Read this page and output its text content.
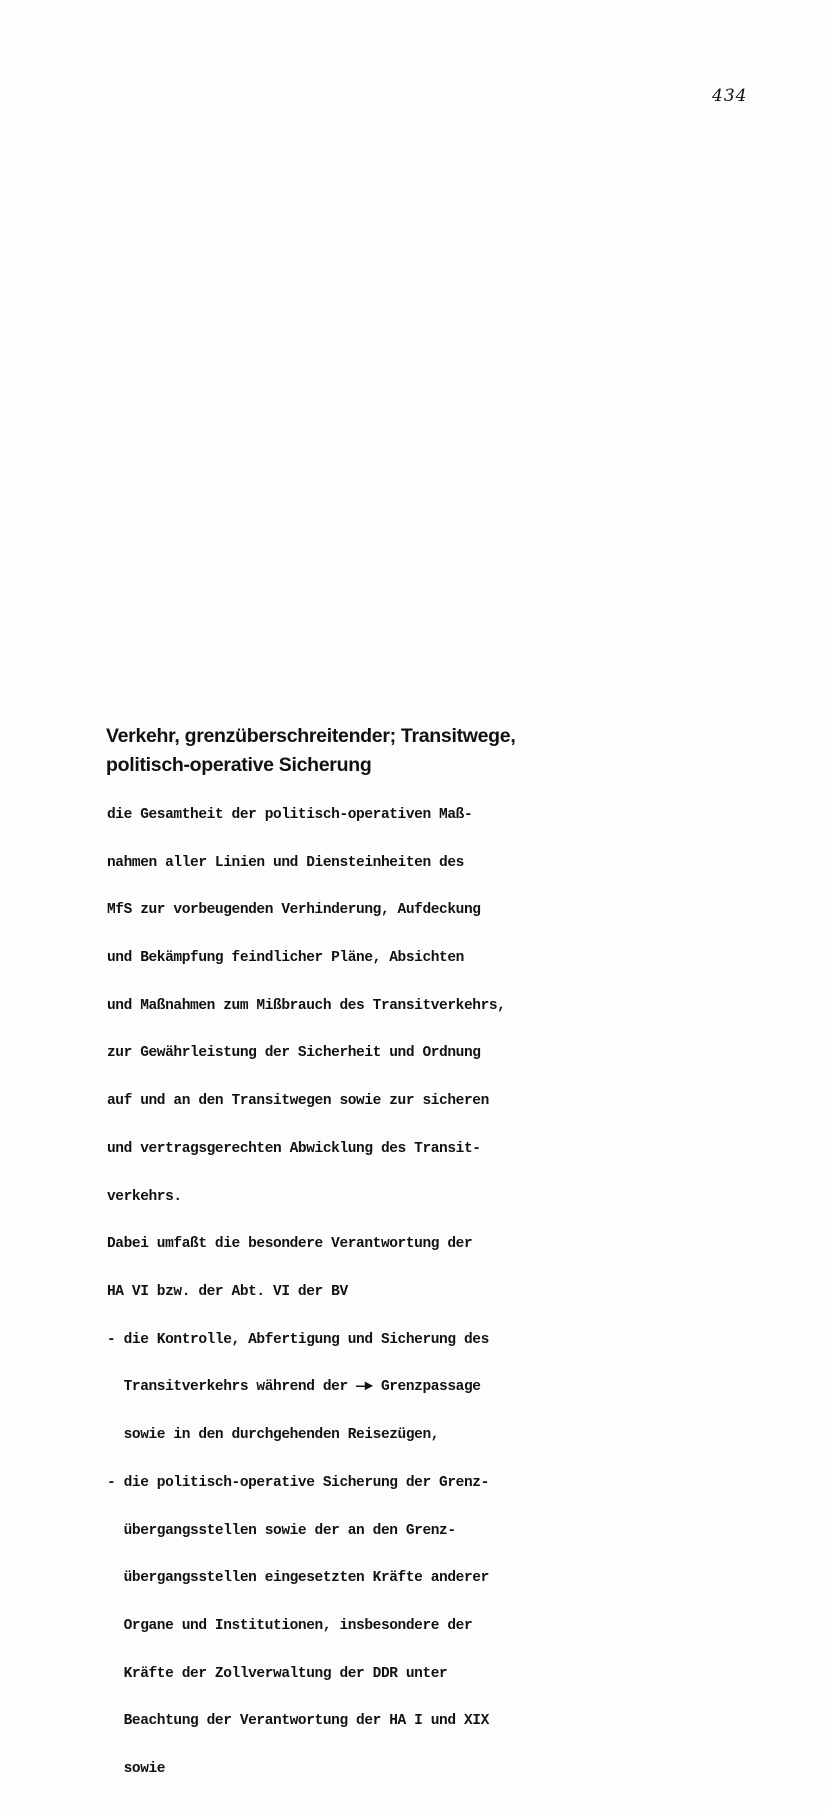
434
Verkehr, grenzüberschreitender; Transitwege,
politisch-operative Sicherung

die Gesamtheit der politisch-operativen Maß-

nahmen aller Linien und Diensteinheiten des

MfS zur vorbeugenden Verhinderung, Aufdeckung

und Bekämpfung feindlicher Pläne, Absichten

und Maßnahmen zum Mißbrauch des Transitverkehrs,

zur Gewährleistung der Sicherheit und Ordnung

auf und an den Transitwegen sowie zur sicheren

und vertragsgerechten Abwicklung des Transit-

verkehrs.

Dabei umfaßt die besondere Verantwortung der

HA VI bzw. der Abt. VI der BV

- die Kontrolle, Abfertigung und Sicherung des

Transitverkehrs während der —► Grenzpassage

sowie in den durchgehenden Reisezügen,

- die politisch-operative Sicherung der Grenz-

übergangsstellen sowie der an den Grenz-

übergangsstellen eingesetzten Kräfte anderer

Organe und Institutionen, insbesondere der

Kräfte der Zollverwaltung der DDR unter

Beachtung der Verantwortung der HA I und XIX

sowie
